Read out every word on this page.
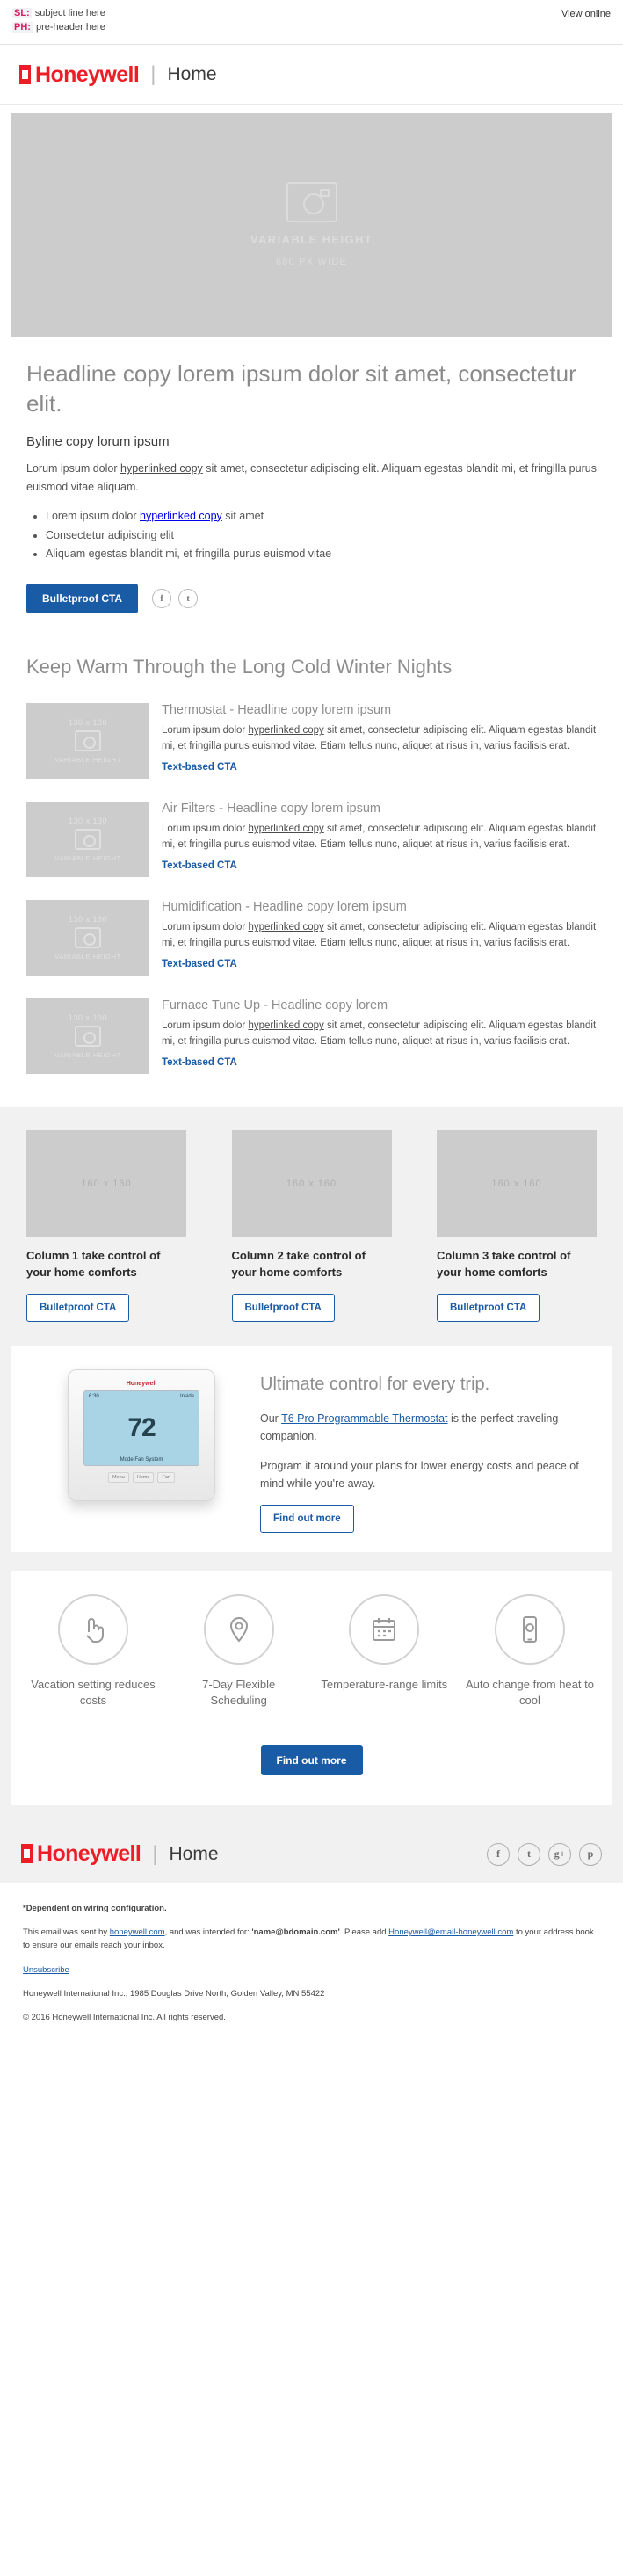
SL: subject line here
PH: pre-header here
View online
Honeywell | Home
VARIABLE HEIGHT
680 PX WIDE
Headline copy lorem ipsum dolor sit amet, consectetur elit.

Byline copy lorum ipsum

Lorum ipsum dolor hyperlinked copy sit amet, consectetur adipiscing elit. Aliquam egestas blandit mi, et fringilla purus euismod vitae aliquam.

• Lorem ipsum dolor hyperlinked copy sit amet
• Consectetur adipiscing elit
• Aliquam egestas blandit mi, et fringilla purus euismod vitae
Bulletproof CTA	f	t
Keep Warm Through the Long Cold Winter Nights
130 x 130
VARIABLE HEIGHT
Thermostat - Headline copy lorem ipsum

Lorum ipsum dolor hyperlinked copy sit amet, consectetur adipiscing elit. Aliquam egestas blandit mi, et fringilla purus euismod vitae. Etiam tellus nunc, aliquet at risus in, varius facilisis erat.

Text-based CTA
130 x 130
VARIABLE HEIGHT
Air Filters - Headline copy lorem ipsum

Lorum ipsum dolor hyperlinked copy sit amet, consectetur adipiscing elit. Aliquam egestas blandit mi, et fringilla purus euismod vitae. Etiam tellus nunc, aliquet at risus in, varius facilisis erat.

Text-based CTA
130 x 130
VARIABLE HEIGHT
Humidification - Headline copy lorem ipsum

Lorum ipsum dolor hyperlinked copy sit amet, consectetur adipiscing elit. Aliquam egestas blandit mi, et fringilla purus euismod vitae. Etiam tellus nunc, aliquet at risus in, varius facilisis erat.

Text-based CTA
130 x 130
VARIABLE HEIGHT
Furnace Tune Up - Headline copy lorem

Lorum ipsum dolor hyperlinked copy sit amet, consectetur adipiscing elit. Aliquam egestas blandit mi, et fringilla purus euismod vitae. Etiam tellus nunc, aliquet at risus in, varius facilisis erat.

Text-based CTA
160 x 160
Column 1 take control of your home comforts
Bulletproof CTA
160 x 160
Column 2 take control of your home comforts
Bulletproof CTA
160 x 160
Column 3 take control of your home comforts
Bulletproof CTA
Honeywell
6:30	Inside
72
Mode Fan System
Menu	Home	Fan
Ultimate control for every trip.

Our T6 Pro Programmable Thermostat is the perfect traveling companion.

Program it around your plans for lower energy costs and peace of mind while you're away.

Find out more
Vacation setting reduces costs
7-Day Flexible Scheduling
Temperature-range limits Auto change from heat to cool
Find out more
Honeywell | Home	f	t	g+	p

*Dependent on wiring configuration.

This email was sent by honeywell.com, and was intended for: 'name@bdomain.com'. Please add Honeywell@email-honeywell.com to your address book to ensure our emails reach your inbox.

Unsubscribe

Honeywell International Inc., 1985 Douglas Drive North, Golden Valley, MN 55422

© 2016 Honeywell International Inc. All rights reserved.
